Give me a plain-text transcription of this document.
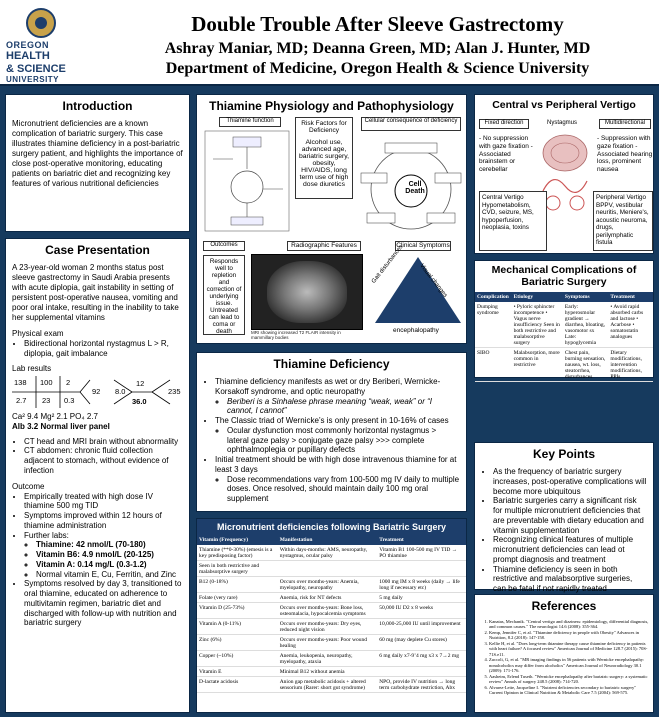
OREGON
HEALTH
& SCIENCE
UNIVERSITY
Double Trouble After Sleeve Gastrectomy
Ashray Maniar, MD; Deanna Green, MD; Alan J. Hunter, MD
Department of Medicine, Oregon Health & Science University
Introduction
Micronutrient deficiencies are a known complication of bariatric surgery. This case illustrates thiamine deficiency in a post-bariatric surgery patient, and highlights the importance of close post-operative monitoring, educating patients on bariatric diet and recognizing key features of various nutritional deficiencies
Case Presentation
A 23-year-old woman 2 months status post sleeve gastrectomy in Saudi Arabia presents with acute diplopia, gait instability in setting of persistent post-operative nausea, vomiting and poor oral intake, resulting in the inability to take her supplemental vitamins
Physical exam
• Bidirectional horizontal nystagmus L > R, diplopia, gait imbalance
Lab results
138 100 2
2.7 23 0.3
92 8.0
12
36.0
235
Ca² 9.4 Mg² 2.1 PO₄ 2.7
Alb 3.2 Normal liver panel
• CT head and MRI brain without abnormality
• CT abdomen: chronic fluid collection adjacent to stomach, without evidence of infection
Outcome
• Empirically treated with high dose IV thiamine 500 mg TID
• Symptoms improved within 12 hours of thiamine administration
• Further labs:
◦ Thiamine: 42 nmol/L (70-180)
◦ Vitamin B6: 4.9 nmol/L (20-125)
◦ Vitamin A: 0.14 mg/L (0.3-1.2)
◦ Normal vitamin E, Cu, Ferritin, and Zinc
• Symptoms resolved by day 3, transitioned to oral thiamine, educated on adherence to multivitamin regimen, bariatric diet and discharged with follow-up with nutrition and bariatric surgery
Thiamine Physiology and Pathophysiology
Thiamine function	Risk Factors for Deficiency
Alcohol use, advanced age, bariatric surgery, obesity, HIV/AIDS, long term use of high dose diuretics
Cellular consequence of deficiency
Cell Death
Outcomes
Responds well to repletion and correction of underlying issue. Untreated can lead to coma or death
Radiographic Features
MRI showing increased T2 FLAIR intensity in mammillary bodies
Clinical Symptoms
Gait disturbances	Visual changes
encephalopathy
Thiamine Deficiency
• Thiamine deficiency manifests as wet or dry Beriberi, Wernicke-Korsakoff syndrome, and optic neuropathy
◦ Beriberi is a Sinhalese phrase meaning “weak, weak” or “I cannot, I cannot”
• The Classic triad of Wernicke’s is only present in 10-16% of cases
◦ Ocular dysfunction most commonly horizontal nystagmus > lateral gaze palsy > conjugate gaze palsy >>> complete ophthalmoplegia or pupillary defects
• Initial treatment should be with high dose intravenous thiamine for at least 3 days
◦ Dose recommendations vary from 100-500 mg IV daily to multiple doses. Once resolved, should maintain daily 100 mg oral supplement
Micronutrient deficiencies following Bariatric Surgery
Vitamin (Frequency)	Manifestation	Treatment
Thiamine (**0-30%) (emesis is a key predisposing factor)	Within days-months: AMS, neuropathy, nystagmus, ocular palsy	Vitamin B1 100-500 mg IV TID → PO thiamine
Seen in both restrictive and malabsorptive surgery		
B12 (0-18%)	Occurs over months-years: Anemia, myelopathy, neuropathy	1000 mg IM x 8 weeks (daily → life long if necessary etc)
Folate (very rare)	Anemia, risk for NT defects	5 mg daily
Vitamin D (25-73%)	Occurs over months-years: Bone loss, osteomalacia, hypocalcemia symptoms	50,000 IU D2 x 8 weeks
Vitamin A (0-11%)	Occurs over months-years: Dry eyes, reduced night vision	10,000-25,000 IU until improvement
Zinc (6%)	Occurs over months-years: Poor wound healing	60 mg (may deplete Cu stores)
Copper (~10%)	Anemia, leukopenia, neuropathy, myelopathy, ataxia	6 mg daily x7-9’4 mg x3 x 7→2 mg
Vitamin E	Minimal B12 without anemia	
D-lactate acidosis	Anion gap metabolic acidosis + altered sensorium (Rarer: short gut syndrome)	NPO, provide IV nutrition → long term carbohydrate restriction, Abx
Central vs Peripheral Vertigo
Fixed direction	Nystagmus	Multidirectional
- No suppression with gaze fixation - Associated brainstem or cerebellar
- Suppression with gaze fixation - Associated hearing loss, prominent nausea
Central Vertigo Hypometabolism, CVD, seizure, MS, hypoperfusion, neoplasia, toxins
Peripheral Vertigo BPPV, vestibular neuritis, Meniere's, acoustic neuroma, drugs, perilymphatic fistula
Mechanical Complications of Bariatric Surgery
Complication	Etiology	Symptoms	Treatment
Dumping syndrome	• Pyloric sphincter incompetence • Vagus nerve insufficiency Seen in both restrictive and malabsorptive surgery	Early: hyperosmolar gradient → diarrhea, bloating, vasomotor sx Late: hypoglycemia	• Avoid rapid absorbed carbs and lactose • Acarbose • somatostatin analogues
SIBO	Malabsorption, more common in restrictive	Chest pain, burning sensation, nausea, wt. loss, steatorrhea, disturbances	Dietary modifications, intervention modifications, PPIs
Key Points
• As the frequency of bariatric surgery increases, post-operative complications will become more ubiquitous
• Bariatric surgeries carry a significant risk for multiple micronutrient deficiencies that are preventable with dietary education and vitamin supplementation
• Recognizing clinical features of multiple micronutrient deficiencies can lead ot prompt diagnosis and treatment
• Thiamine deficiency is seen in both restrictive and malabsorptive surgeries, can be fatal if not rapidly treated
References
1. Kanatas, Mechanik. "Central vertigo and dizziness: epidemiology, differential diagnosis, and common causes." The neurologist 14.6 (2008): 355-364.
2. Kemp, Jennifer C, et al. "Thiamine deficiency in people with Obesity" Advances in Nutrition, 8.2 (2018): 147-158.
3. Kellie H, et al. "Does long-term thiamine therapy cause thiamine deficiency in patients with heart failure? A focused review" American Journal of Medicine 128.7 (2015): 70S-71S.e11.
4. Zuccoli, G, et al. "MR imaging findings in 56 patients with Wernicke encephalopathy: nonalcoholics may differ from alcoholics" American Journal of Neuroradiology 30.1 (2009): 171-176.
5. Aasheim, Erlend Tuseth. "Wernicke encephalopathy after bariatric surgery: a systematic review" Annals of surgery 248.5 (2008): 714-720.
6. Alvarez-Leite, Jacqueline I. "Nutrient deficiencies secondary to bariatric surgery" Current Opinion in Clinical Nutrition & Metabolic Care 7.5 (2004): 569-575.
